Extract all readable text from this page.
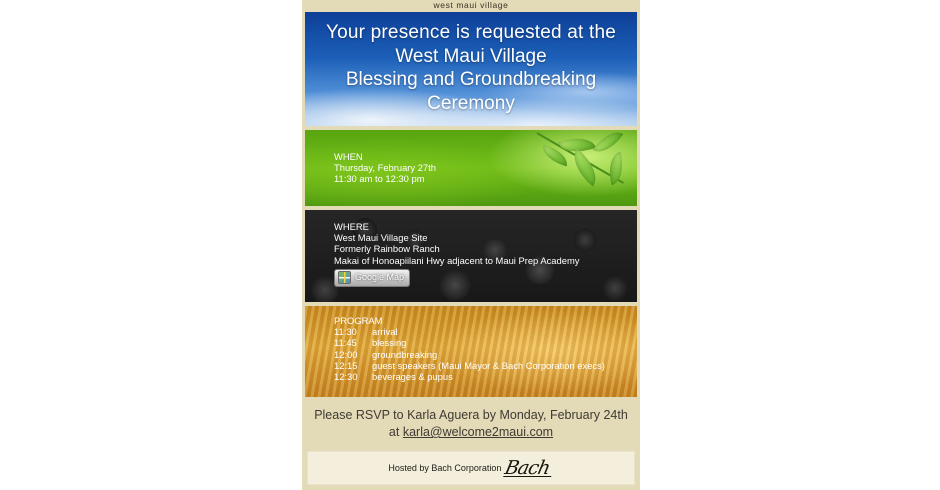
west maui village
Your presence is requested at the
West Maui Village
Blessing and Groundbreaking
Ceremony
WHEN
Thursday, February 27th
11:30 am to 12:30 pm
WHERE
West Maui Village Site
Formerly Rainbow Ranch
Makai of Honoapiilani Hwy adjacent to Maui Prep Academy
Google Map
PROGRAM
11:30 arrival
11:45 blessing
12:00 groundbreaking
12:15 guest speakers (Maui Mayor & Bach Corporation execs)
12:30 beverages & pupus
Please RSVP to Karla Aguera by Monday, February 24th
at karla@welcome2maui.com
Hosted by Bach Corporation Bach
